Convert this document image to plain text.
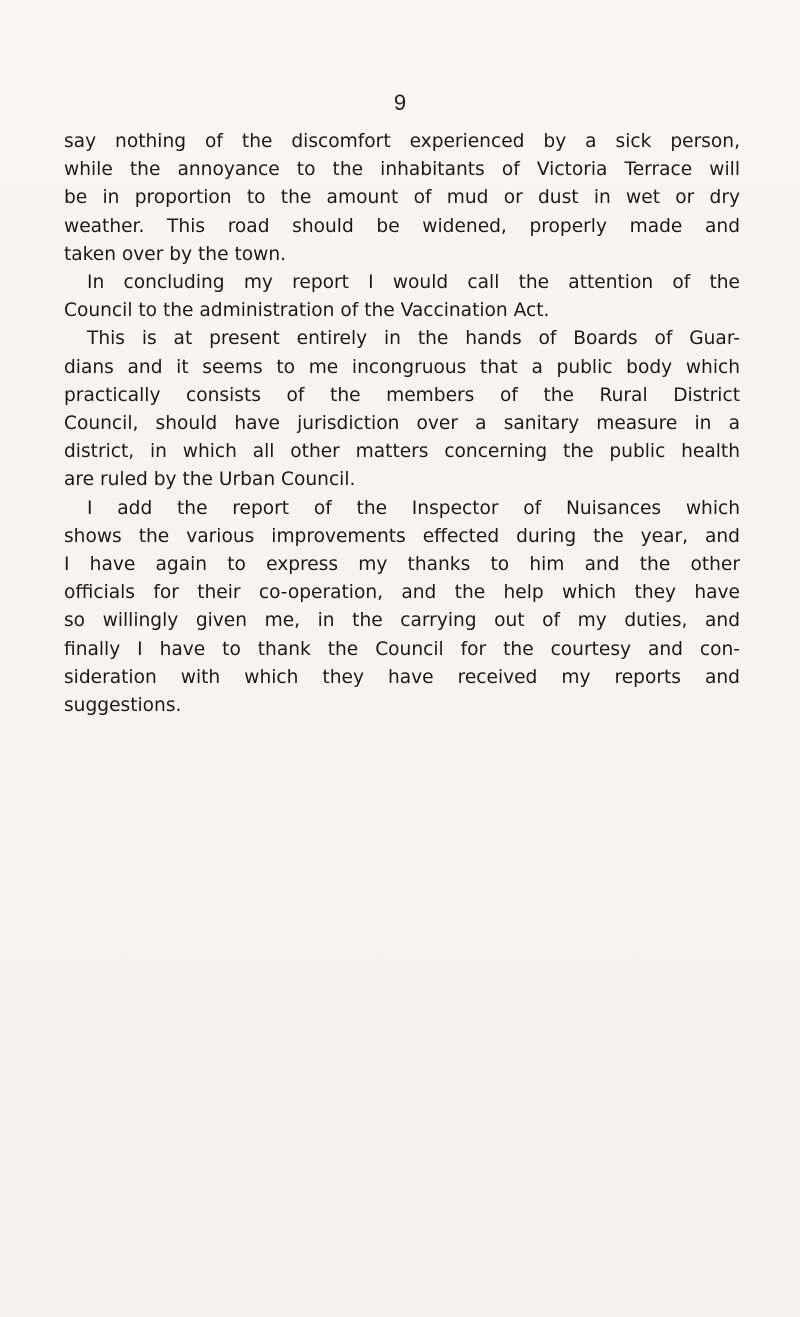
9
say nothing of the discomfort experienced by a sick person,
while the annoyance to the inhabitants of Victoria Terrace will
be in proportion to the amount of mud or dust in wet or dry
weather. This road should be widened, properly made and
taken over by the town.
In concluding my report I would call the attention of the
Council to the administration of the Vaccination Act.
This is at present entirely in the hands of Boards of Guar-
dians and it seems to me incongruous that a public body which
practically consists of the members of the Rural District
Council, should have jurisdiction over a sanitary measure in a
district, in which all other matters concerning the public health
are ruled by the Urban Council.
I add the report of the Inspector of Nuisances which
shows the various improvements effected during the year, and
I have again to express my thanks to him and the other
officials for their co-operation, and the help which they have
so willingly given me, in the carrying out of my duties, and
finally I have to thank the Council for the courtesy and con-
sideration with which they have received my reports and
suggestions.
